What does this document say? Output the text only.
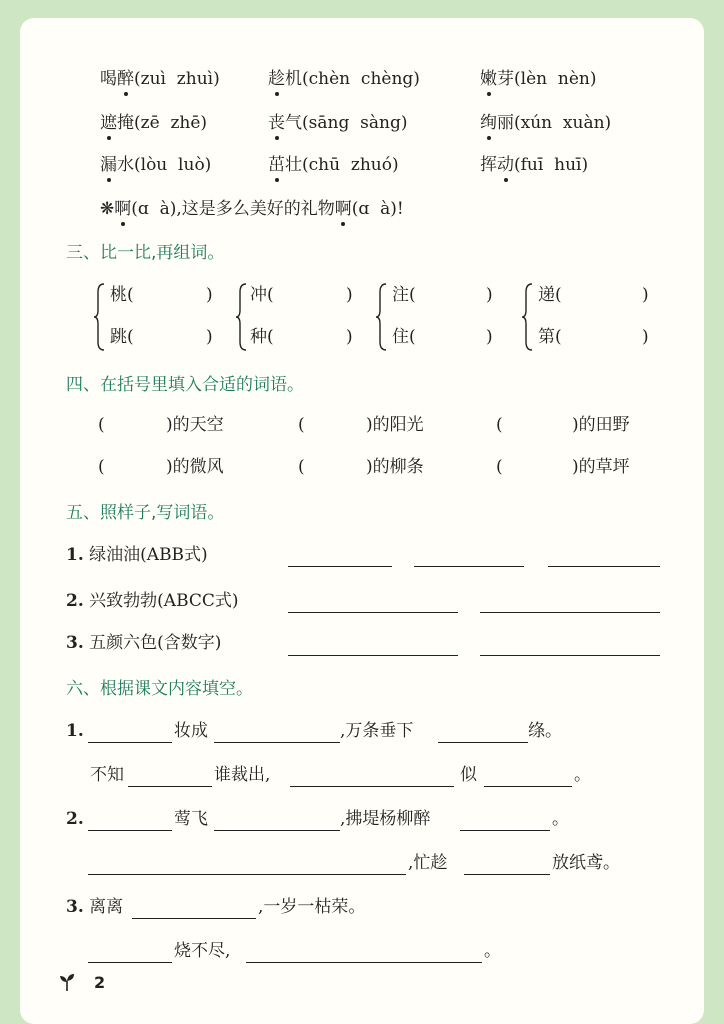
喝醉(zuì  zhuì)	趁机(chèn  chèng)	嫩芽(lèn  nèn)
遮掩(zē  zhē)	丧气(sāng  sàng)	绚丽(xún  xuàn)
漏水(lòu  luò)	茁壮(chū  zhuó)	挥动(fuī  huī)
❋啊(ɑ  à),这是多么美好的礼物啊(ɑ  à)!
三、比一比,再组词。
桃(	)
跳(	)
冲(	)
种(	)
注(	)
住(	)
递(	)
第(	)
四、在括号里填入合适的词语。
(	)的天空	(	)的阳光	(	)的田野
(	)的微风	(	)的柳条	(	)的草坪
五、照样子,写词语。
1. 绿油油(ABB式)
2. 兴致勃勃(ABCC式)
3. 五颜六色(含数字)
六、根据课文内容填空。
1.	妆成	,万条垂下	绦。
不知	谁裁出,	似	。
2.	莺飞	,拂堤杨柳醉	。
,忙趁	放纸鸢。
3. 离离	,一岁一枯荣。
烧不尽,	。
2
